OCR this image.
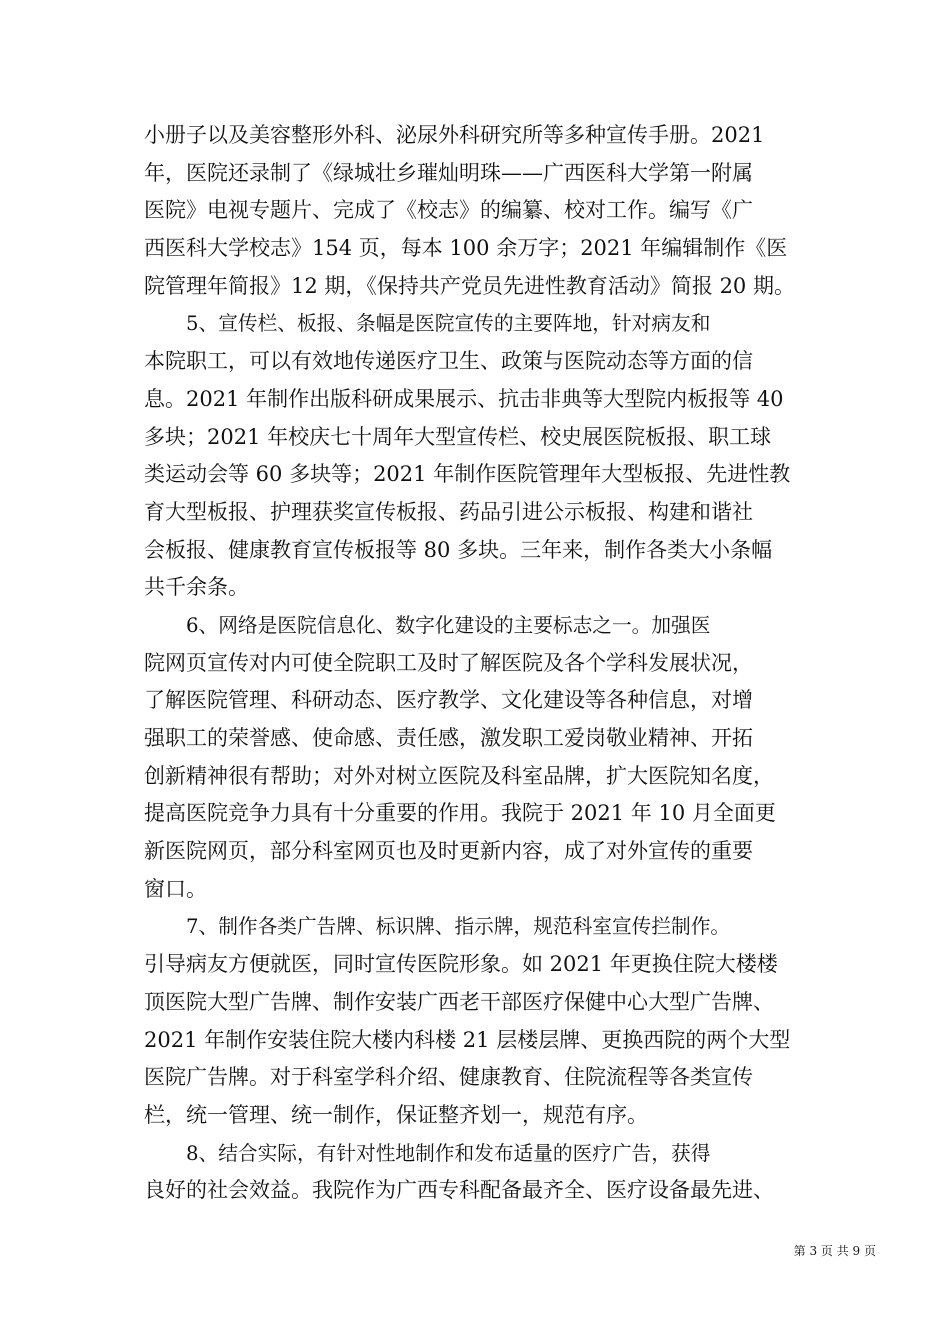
小册子以及美容整形外科、泌尿外科研究所等多种宣传手册。2021
年，医院还录制了《绿城壮乡璀灿明珠——广西医科大学第一附属
医院》电视专题片、完成了《校志》的编纂、校对工作。编写《广
西医科大学校志》154 页，每本 100 余万字；2021 年编辑制作《医
院管理年简报》12 期，《保持共产党员先进性教育活动》简报 20 期。
5、宣传栏、板报、条幅是医院宣传的主要阵地，针对病友和
本院职工，可以有效地传递医疗卫生、政策与医院动态等方面的信
息。2021 年制作出版科研成果展示、抗击非典等大型院内板报等 40
多块；2021 年校庆七十周年大型宣传栏、校史展医院板报、职工球
类运动会等 60 多块等；2021 年制作医院管理年大型板报、先进性教
育大型板报、护理获奖宣传板报、药品引进公示板报、构建和谐社
会板报、健康教育宣传板报等 80 多块。三年来，制作各类大小条幅
共千余条。
6、网络是医院信息化、数字化建设的主要标志之一。加强医
院网页宣传对内可使全院职工及时了解医院及各个学科发展状况，
了解医院管理、科研动态、医疗教学、文化建设等各种信息，对增
强职工的荣誉感、使命感、责任感，激发职工爱岗敬业精神、开拓
创新精神很有帮助；对外对树立医院及科室品牌，扩大医院知名度，
提高医院竞争力具有十分重要的作用。我院于 2021 年 10 月全面更
新医院网页，部分科室网页也及时更新内容，成了对外宣传的重要
窗口。
7、制作各类广告牌、标识牌、指示牌，规范科室宣传拦制作。
引导病友方便就医，同时宣传医院形象。如 2021 年更换住院大楼楼
顶医院大型广告牌、制作安装广西老干部医疗保健中心大型广告牌、
2021 年制作安装住院大楼内科楼 21 层楼层牌、更换西院的两个大型
医院广告牌。对于科室学科介绍、健康教育、住院流程等各类宣传
栏，统一管理、统一制作，保证整齐划一，规范有序。
8、结合实际，有针对性地制作和发布适量的医疗广告，获得
良好的社会效益。我院作为广西专科配备最齐全、医疗设备最先进、
第 3 页 共 9 页
